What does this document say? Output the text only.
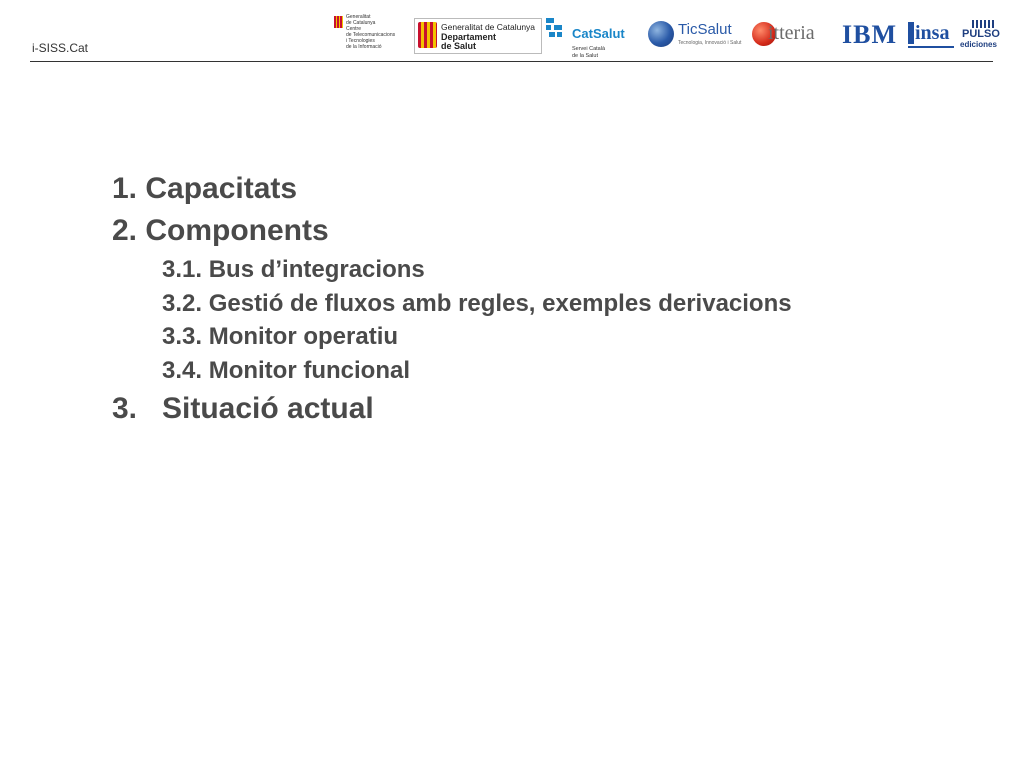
i-SISS.Cat
Generalitat
de Catalunya
Centre
de Telecomunicacions
i Tecnologies
de la Informació
Generalitat de Catalunya
Departament
de Salut
CatSalut
Servei Català
de la Salut
TicSalut
Tecnologia, Innovació i Salut itteria IBM insa PULSO
ediciones
1. Capacitats
2. Components
3.1. Bus d’integracions
3.2. Gestió de fluxos amb regles, exemples derivacions
3.3. Monitor operatiu
3.4. Monitor funcional
3. Situació actual
